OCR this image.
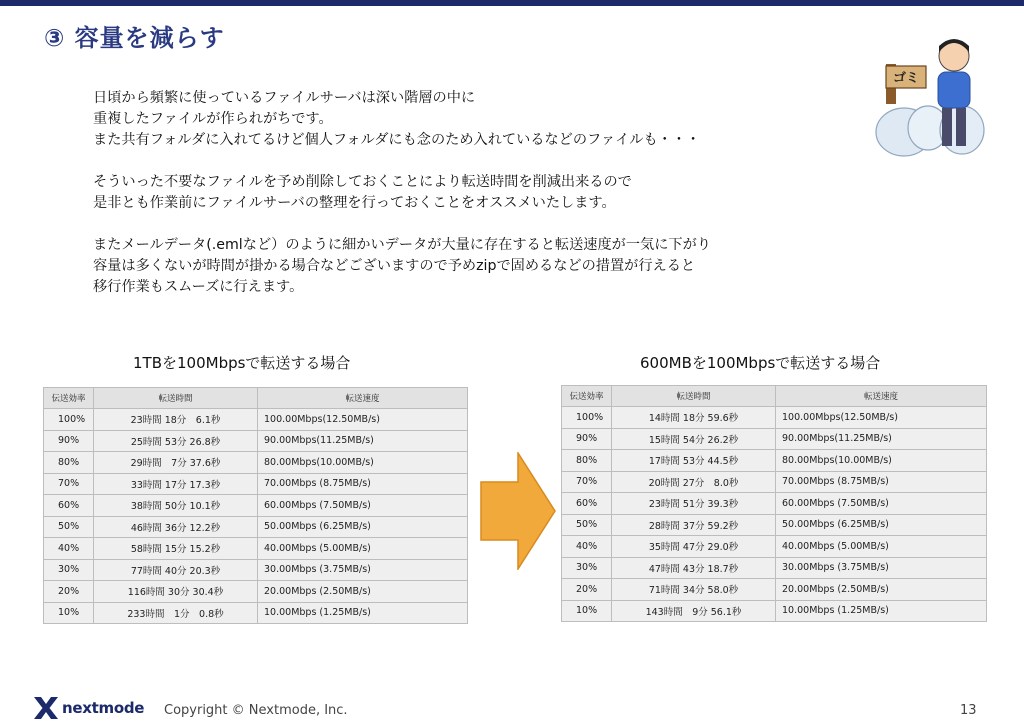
③ 容量を減らす

日頃から頻繁に使っているファイルサーバは深い階層の中に

重複したファイルが作られがちです。

また共有フォルダに入れてるけど個人フォルダにも念のため入れているなどのファイルも・・・

そういった不要なファイルを予め削除しておくことにより転送時間を削減出来るので

是非とも作業前にファイルサーバの整理を行っておくことをオススメいたします。

またメールデータ(.emlなど）のように細かいデータが大量に存在すると転送速度が一気に下がり

容量は多くないが時間が掛かる場合などございますので予めzipで固めるなどの措置が行えると

移行作業もスムーズに行えます。

ゴミ
1TBを100Mbpsで転送する場合	600MBを100Mbpsで転送する場合
伝送効率	転送時間	転送速度
100%	23時間 18分　6.1秒	100.00Mbps(12.50MB/s)
90%	25時間 53分 26.8秒	90.00Mbps(11.25MB/s)
80%	29時間　7分 37.6秒	80.00Mbps(10.00MB/s)
70%	33時間 17分 17.3秒	70.00Mbps (8.75MB/s)
60%	38時間 50分 10.1秒	60.00Mbps (7.50MB/s)
50%	46時間 36分 12.2秒	50.00Mbps (6.25MB/s)
40%	58時間 15分 15.2秒	40.00Mbps (5.00MB/s)
30%	77時間 40分 20.3秒	30.00Mbps (3.75MB/s)
20%	116時間 30分 30.4秒	20.00Mbps (2.50MB/s)
10%	233時間　1分　0.8秒	10.00Mbps (1.25MB/s)
伝送効率	転送時間	転送速度
100%	14時間 18分 59.6秒	100.00Mbps(12.50MB/s)
90%	15時間 54分 26.2秒	90.00Mbps(11.25MB/s)
80%	17時間 53分 44.5秒	80.00Mbps(10.00MB/s)
70%	20時間 27分　8.0秒	70.00Mbps (8.75MB/s)
60%	23時間 51分 39.3秒	60.00Mbps (7.50MB/s)
50%	28時間 37分 59.2秒	50.00Mbps (6.25MB/s)
40%	35時間 47分 29.0秒	40.00Mbps (5.00MB/s)
30%	47時間 43分 18.7秒	30.00Mbps (3.75MB/s)
20%	71時間 34分 58.0秒	20.00Mbps (2.50MB/s)
10%	143時間　9分 56.1秒	10.00Mbps (1.25MB/s)
nextmode Copyright © Nextmode, Inc.	13
